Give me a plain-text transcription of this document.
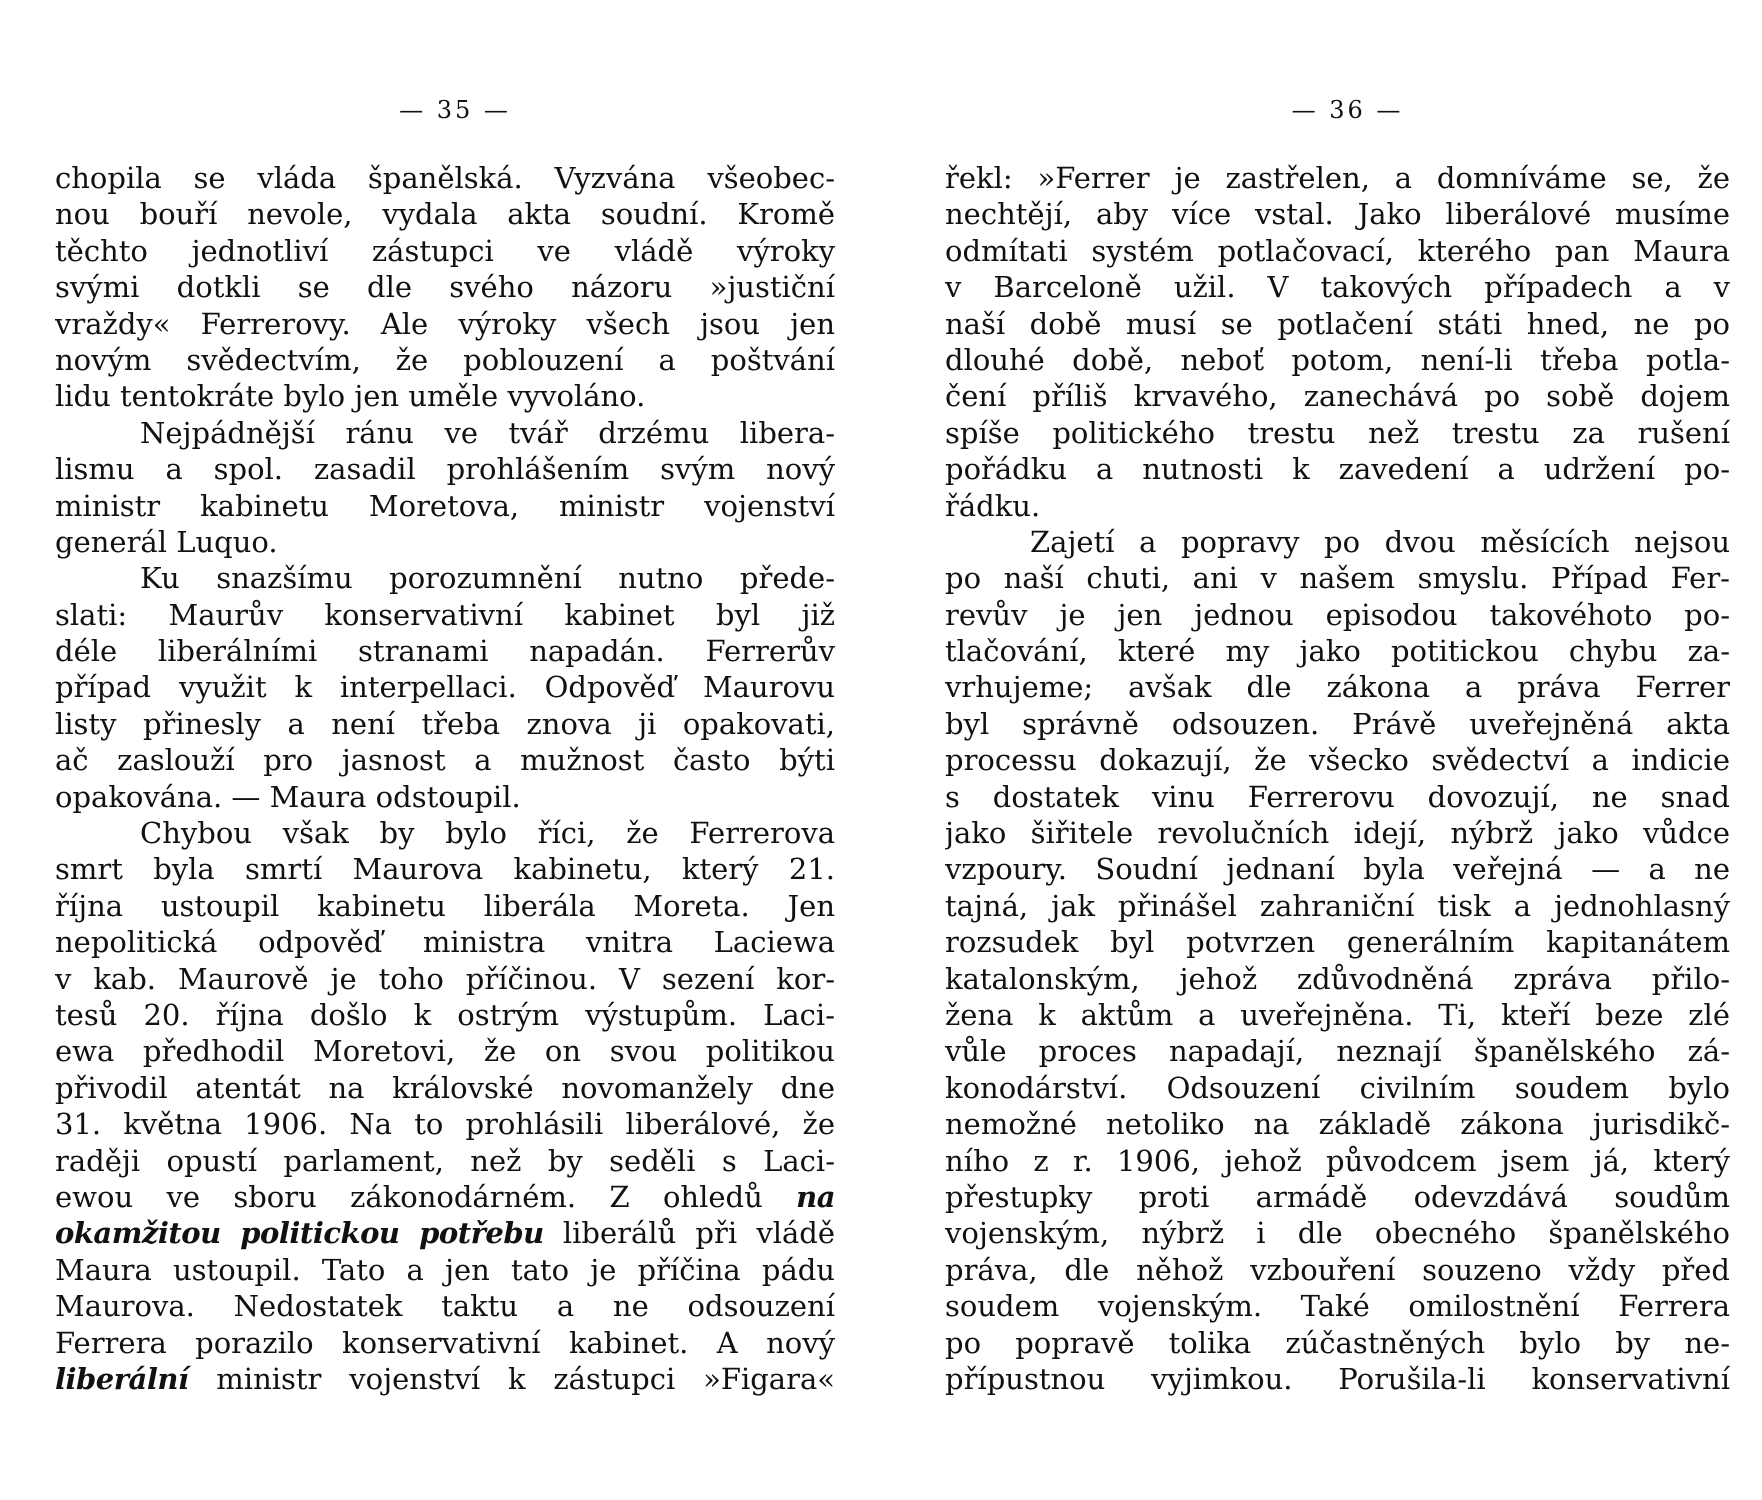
— 35 —
chopila se vláda španělská. Vyzvána všeobec-
nou bouří nevole, vydala akta soudní. Kromě
těchto jednotliví zástupci ve vládě výroky
svými dotkli se dle svého názoru »justiční
vraždy« Ferrerovy. Ale výroky všech jsou jen
novým svědectvím, že poblouzení a poštvání
lidu tentokráte bylo jen uměle vyvoláno.
Nejpádnější ránu ve tvář drzému libera-
lismu a spol. zasadil prohlášením svým nový
ministr kabinetu Moretova, ministr vojenství
generál Luquo.
Ku snazšímu porozumnění nutno přede-
slati: Maurův konservativní kabinet byl již
déle liberálními stranami napadán. Ferrerův
případ využit k interpellaci. Odpověď Maurovu
listy přinesly a není třeba znova ji opakovati,
ač zaslouží pro jasnost a mužnost často býti
opakována. — Maura odstoupil.
Chybou však by bylo říci, že Ferrerova
smrt byla smrtí Maurova kabinetu, který 21.
října ustoupil kabinetu liberála Moreta. Jen
nepolitická odpověď ministra vnitra Laciewa
v kab. Maurově je toho příčinou. V sezení kor-
tesů 20. října došlo k ostrým výstupům. Laci-
ewa předhodil Moretovi, že on svou politikou
přivodil atentát na královské novomanžely dne
31. května 1906. Na to prohlásili liberálové, že
raději opustí parlament, než by seděli s Laci-
ewou ve sboru zákonodárném. Z ohledů na
okamžitou politickou potřebu liberálů při vládě
Maura ustoupil. Tato a jen tato je příčina pádu
Maurova. Nedostatek taktu a ne odsouzení
Ferrera porazilo konservativní kabinet. A nový
liberální ministr vojenství k zástupci »Figara«
— 36 —
řekl: »Ferrer je zastřelen, a domníváme se, že
nechtějí, aby více vstal. Jako liberálové musíme
odmítati systém potlačovací, kterého pan Maura
v Barceloně užil. V takových případech a v
naší době musí se potlačení státi hned, ne po
dlouhé době, neboť potom, není-li třeba potla-
čení příliš krvavého, zanechává po sobě dojem
spíše politického trestu než trestu za rušení
pořádku a nutnosti k zavedení a udržení po-
řádku.
Zajetí a popravy po dvou měsících nejsou
po naší chuti, ani v našem smyslu. Případ Fer-
revův je jen jednou episodou takovéhoto po-
tlačování, které my jako potitickou chybu za-
vrhujeme; avšak dle zákona a práva Ferrer
byl správně odsouzen. Právě uveřejněná akta
processu dokazují, že všecko svědectví a indicie
s dostatek vinu Ferrerovu dovozují, ne snad
jako šiřitele revolučních idejí, nýbrž jako vůdce
vzpoury. Soudní jednaní byla veřejná — a ne
tajná, jak přinášel zahraniční tisk a jednohlasný
rozsudek byl potvrzen generálním kapitanátem
katalonským, jehož zdůvodněná zpráva přilo-
žena k aktům a uveřejněna. Ti, kteří beze zlé
vůle proces napadají, neznají španělského zá-
konodárství. Odsouzení civilním soudem bylo
nemožné netoliko na základě zákona jurisdikč-
ního z r. 1906, jehož původcem jsem já, který
přestupky proti armádě odevzdává soudům
vojenským, nýbrž i dle obecného španělského
práva, dle něhož vzbouření souzeno vždy před
soudem vojenským. Také omilostnění Ferrera
po popravě tolika zúčastněných bylo by ne-
přípustnou vyjimkou. Porušila-li konservativní
